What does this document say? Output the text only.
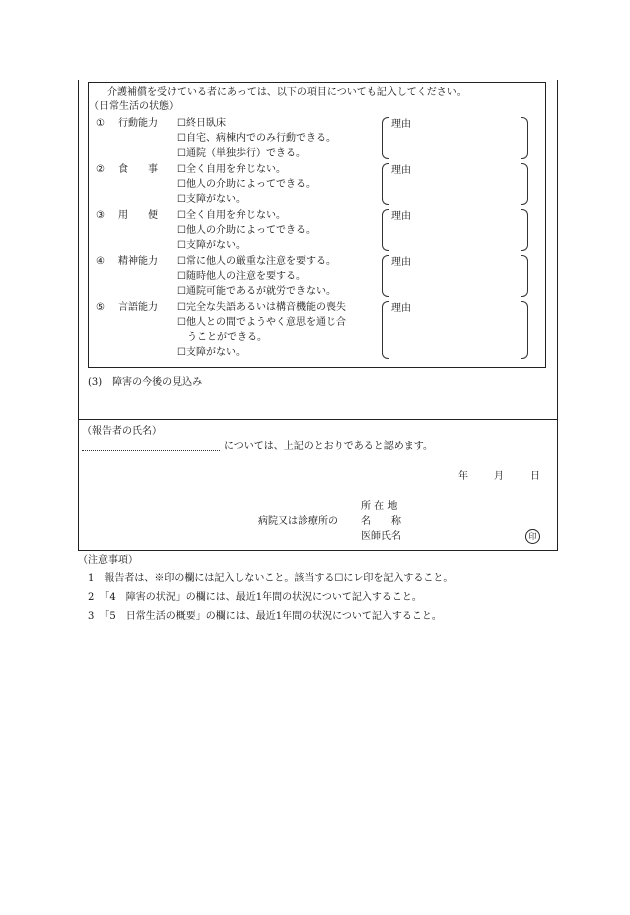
介護補償を受けている者にあっては、以下の項目についても記入してください。
（日常生活の状態）
① 行動能力 ☐終日臥床
☐自宅、病棟内でのみ行動できる。
☐通院（単独歩行）できる。
理由
② 食　　事 ☐全く自用を弁じない。
☐他人の介助によってできる。
☐支障がない。
理由
③ 用　　便 ☐全く自用を弁じない。
☐他人の介助によってできる。
☐支障がない。
理由
④ 精神能力 ☐常に他人の厳重な注意を要する。
☐随時他人の注意を要する。
☐通院可能であるが就労できない。
理由
⑤ 言語能力 ☐完全な失語あるいは構音機能の喪失
☐他人との間でようやく意思を通じ合
　うことができる。
☐支障がない。
理由
(3)　障害の今後の見込み
（報告者の氏名）
については、上記のとおりであると認めます。
年	月	日
所 在 地
病院又は診療所の 名　　称
医師氏名	印
（注意事項）
1　報告者は、※印の欄には記入しないこと。該当する☐にレ印を記入すること。
2　「4　障害の状況」の欄には、最近1年間の状況について記入すること。
3　「5　日常生活の概要」の欄には、最近1年間の状況について記入すること。
